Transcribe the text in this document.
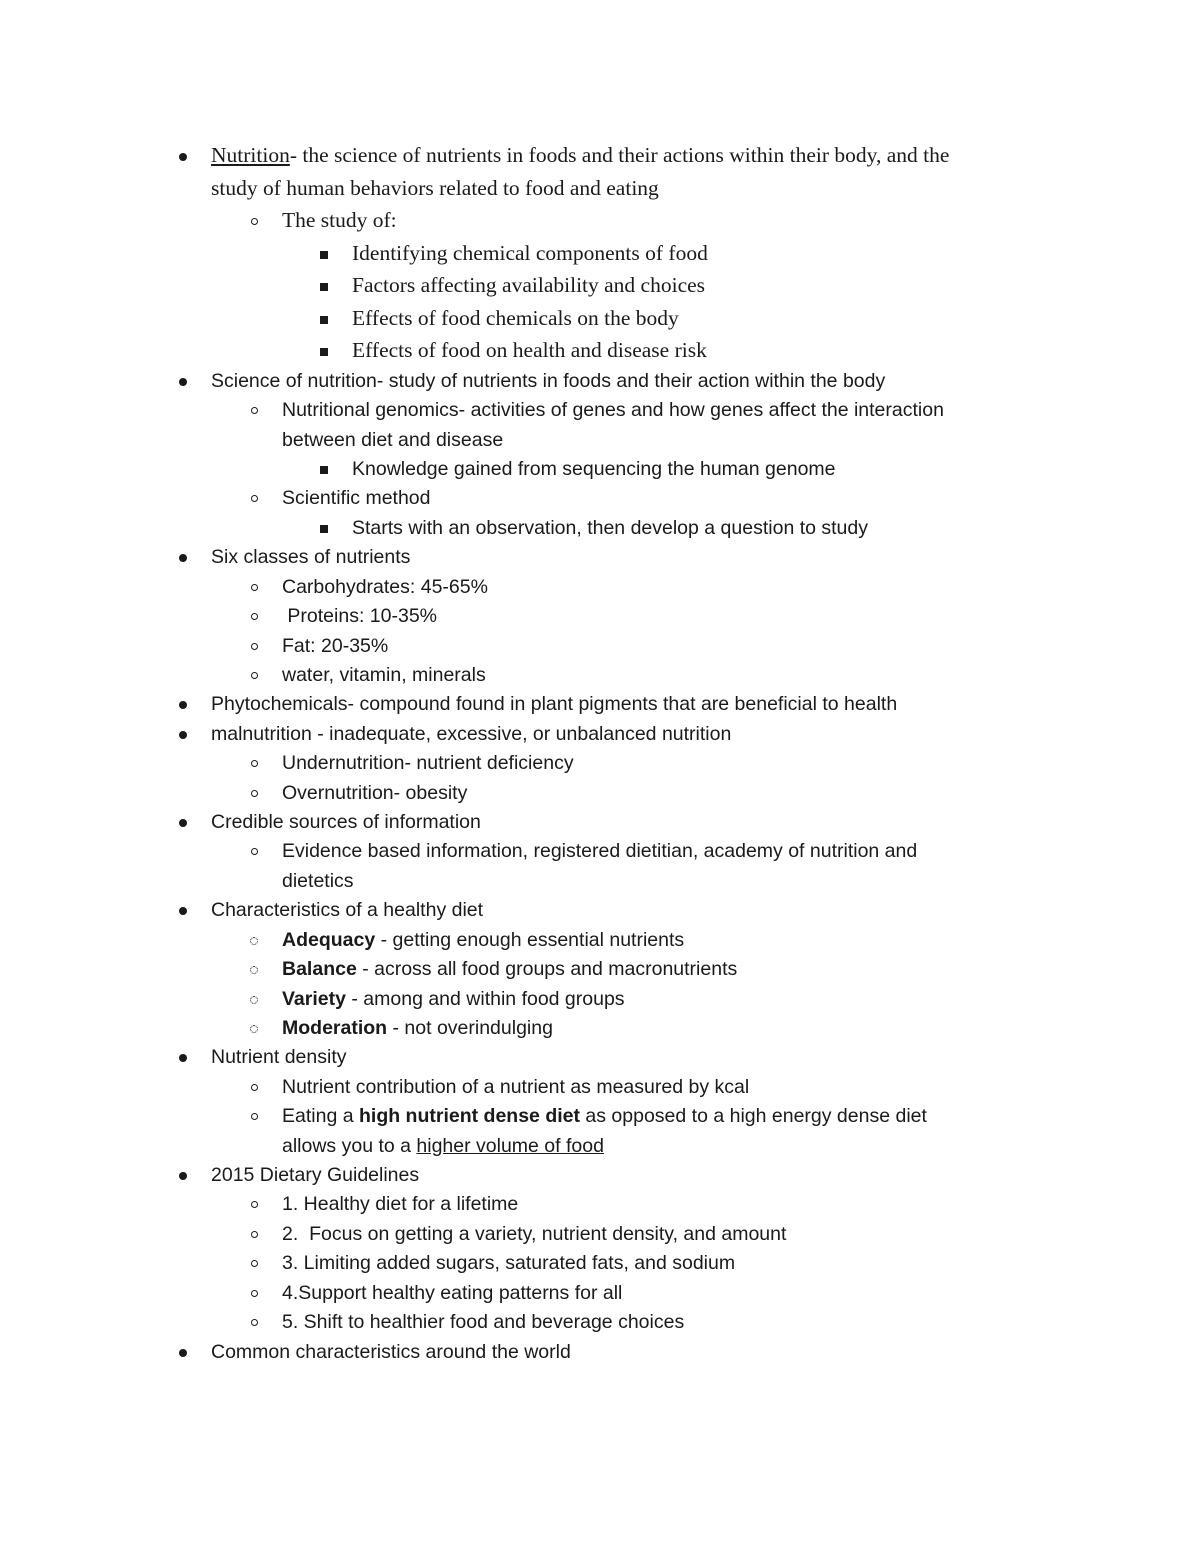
Nutrition- the science of nutrients in foods and their actions within their body, and the
study of human behaviors related to food and eating
The study of:
Identifying chemical components of food
Factors affecting availability and choices
Effects of food chemicals on the body
Effects of food on health and disease risk
Science of nutrition- study of nutrients in foods and their action within the body
Nutritional genomics- activities of genes and how genes affect the interaction
between diet and disease
Knowledge gained from sequencing the human genome
Scientific method
Starts with an observation, then develop a question to study
Six classes of nutrients
Carbohydrates: 45-65%
Proteins: 10-35%
Fat: 20-35%
water, vitamin, minerals
Phytochemicals- compound found in plant pigments that are beneficial to health
malnutrition - inadequate, excessive, or unbalanced nutrition
Undernutrition- nutrient deficiency
Overnutrition- obesity
Credible sources of information
Evidence based information, registered dietitian, academy of nutrition and
dietetics
Characteristics of a healthy diet
Adequacy - getting enough essential nutrients
Balance - across all food groups and macronutrients
Variety - among and within food groups
Moderation - not overindulging
Nutrient density
Nutrient contribution of a nutrient as measured by kcal
Eating a high nutrient dense diet as opposed to a high energy dense diet
allows you to a higher volume of food
2015 Dietary Guidelines
1. Healthy diet for a lifetime
2.  Focus on getting a variety, nutrient density, and amount
3. Limiting added sugars, saturated fats, and sodium
4.Support healthy eating patterns for all
5. Shift to healthier food and beverage choices
Common characteristics around the world
